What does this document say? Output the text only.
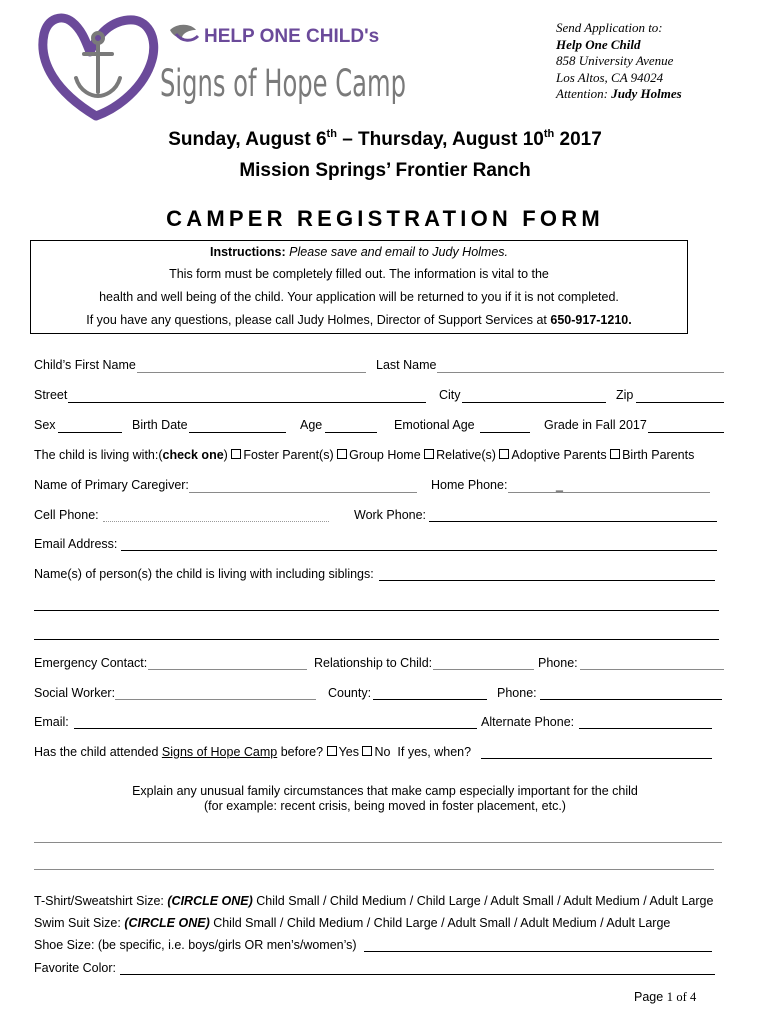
HELP ONE CHILD's
Signs of Hope Camp
Send Application to:
Help One Child
858 University Avenue
Los Altos, CA 94024
Attention: Judy Holmes
Sunday, August 6th – Thursday, August 10th 2017
Mission Springs’ Frontier Ranch
CAMPER REGISTRATION FORM
Instructions: Please save and email to Judy Holmes.
This form must be completely filled out. The information is vital to the
health and well being of the child. Your application will be returned to you if it is not completed.
If you have any questions, please call Judy Holmes, Director of Support Services at 650-917-1210.
Child’s First Name	Last Name
Street	City	Zip
Sex	Birth Date	Age	Emotional Age	Grade in Fall 2017
The child is living with:(check one) Foster Parent(s) Group Home Relative(s) Adoptive Parents Birth Parents
Name of Primary Caregiver:	Home Phone:	_
Cell Phone:	Work Phone:
Email Address:
Name(s) of person(s) the child is living with including siblings:
Emergency Contact:	Relationship to Child:	Phone:
Social Worker:	County:	Phone:
Email:	Alternate Phone:
Has the child attended Signs of Hope Camp before? Yes No If yes, when?
Explain any unusual family circumstances that make camp especially important for the child
(for example: recent crisis, being moved in foster placement, etc.)
T-Shirt/Sweatshirt Size: (CIRCLE ONE) Child Small / Child Medium / Child Large / Adult Small / Adult Medium / Adult Large
Swim Suit Size: (CIRCLE ONE) Child Small / Child Medium / Child Large / Adult Small / Adult Medium / Adult Large
Shoe Size: (be specific, i.e. boys/girls OR men’s/women’s)
Favorite Color:
Page 1 of 4
